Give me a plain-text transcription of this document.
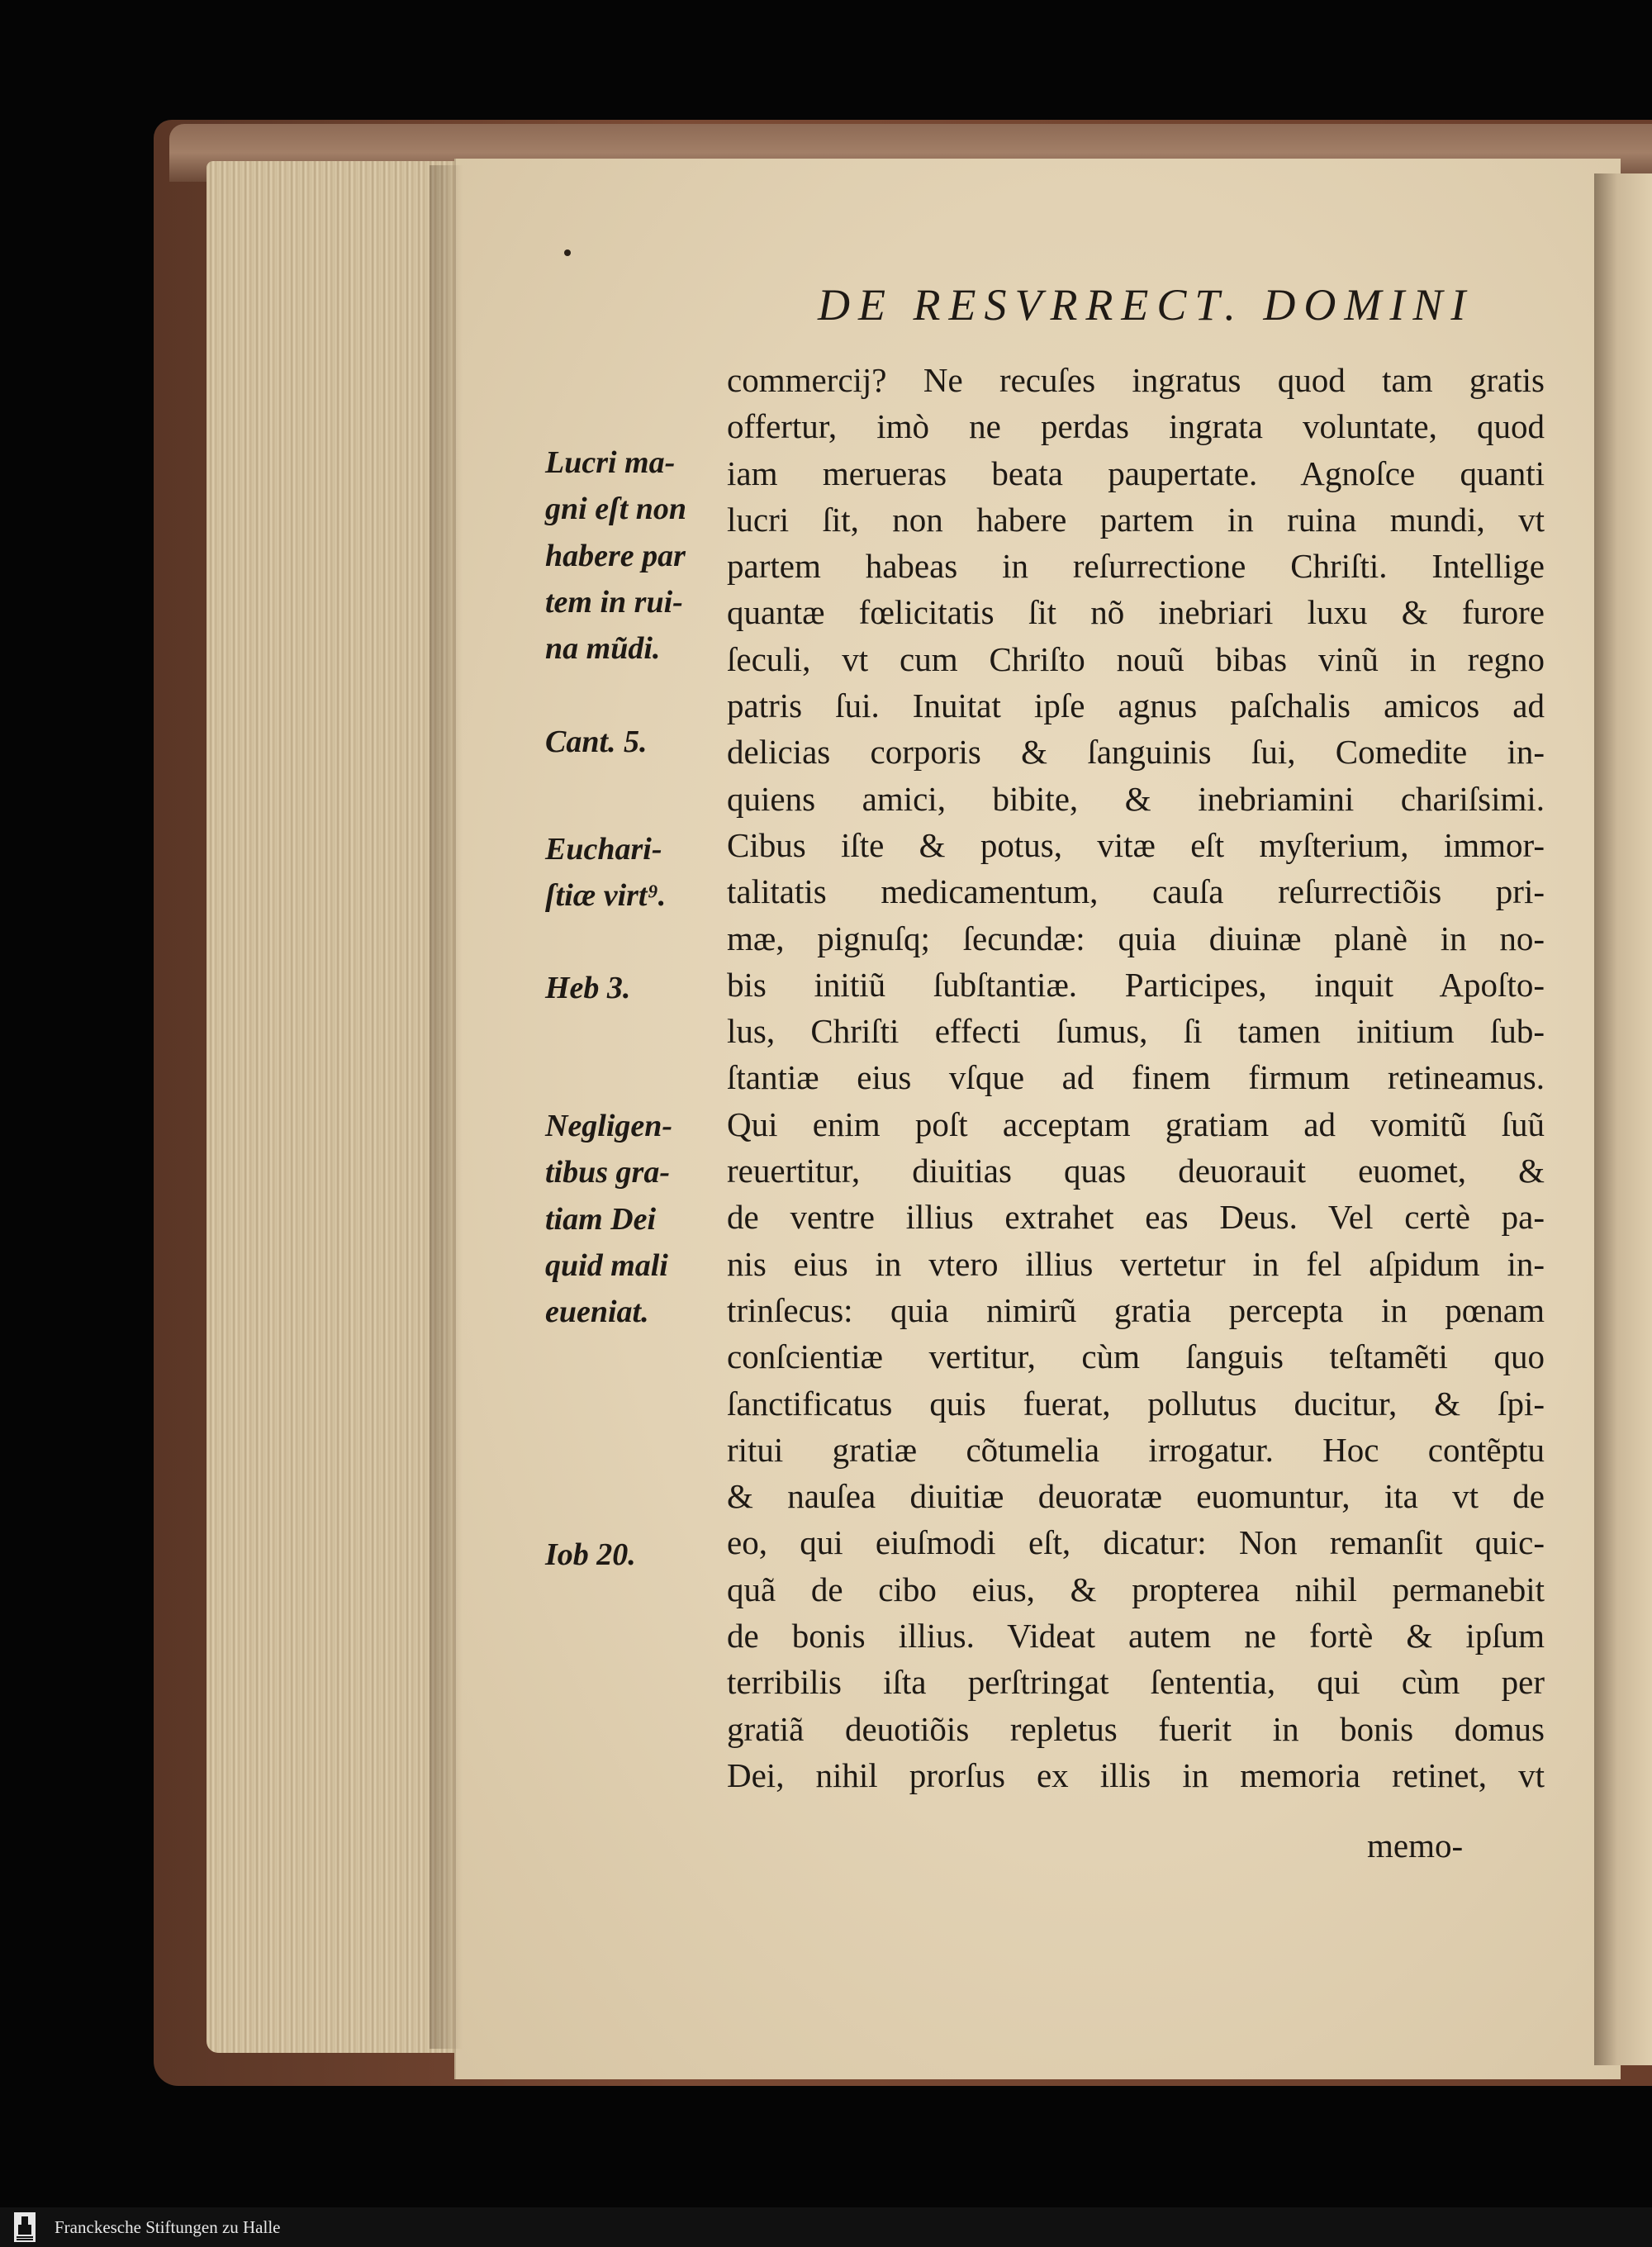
DE RESVRRECT. DOMINI
commercij? Ne recuſes ingratus quod tam gratis
offertur, imò ne perdas ingrata voluntate, quod
iam merueras beata paupertate. Agnoſce quanti
lucri ſit, non habere partem in ruina mundi, vt
partem habeas in reſurrectione Chriſti. Intellige
quantæ fœlicitatis ſit nõ inebriari luxu & furore
ſeculi, vt cum Chriſto nouũ bibas vinũ in regno
patris ſui. Inuitat ipſe agnus paſchalis amicos ad
delicias corporis & ſanguinis ſui, Comedite in-
quiens amici, bibite, & inebriamini chariſsimi.
Cibus iſte & potus, vitæ eſt myſterium, immor-
talitatis medicamentum, cauſa reſurrectiõis pri-
mæ, pignuſq; ſecundæ: quia diuinæ planè in no-
bis initiũ ſubſtantiæ. Participes, inquit Apoſto-
lus, Chriſti effecti ſumus, ſi tamen initium ſub-
ſtantiæ eius vſque ad finem firmum retineamus.
Qui enim poſt acceptam gratiam ad vomitũ ſuũ
reuertitur, diuitias quas deuorauit euomet, &
de ventre illius extrahet eas Deus. Vel certè pa-
nis eius in vtero illius vertetur in fel aſpidum in-
trinſecus: quia nimirũ gratia percepta in pœnam
conſcientiæ vertitur, cùm ſanguis teſtamẽti quo
ſanctificatus quis fuerat, pollutus ducitur, & ſpi-
ritui gratiæ cõtumelia irrogatur. Hoc contẽptu
& nauſea diuitiæ deuoratæ euomuntur, ita vt de
eo, qui eiuſmodi eſt, dicatur: Non remanſit quic-
quã de cibo eius, & propterea nihil permanebit
de bonis illius. Videat autem ne fortè & ipſum
terribilis iſta perſtringat ſententia, qui cùm per
gratiã deuotiõis repletus fuerit in bonis domus
Dei, nihil prorſus ex illis in memoria retinet, vt
memo-
Lucri ma-
gni eſt non
habere par
tem in rui-
na mũdi.
Cant. 5.
Euchari-
ſtiæ virt⁹.
Heb 3.
Negligen-
tibus gra-
tiam Dei
quid mali
eueniat.
Iob 20.
Franckesche Stiftungen zu Halle
